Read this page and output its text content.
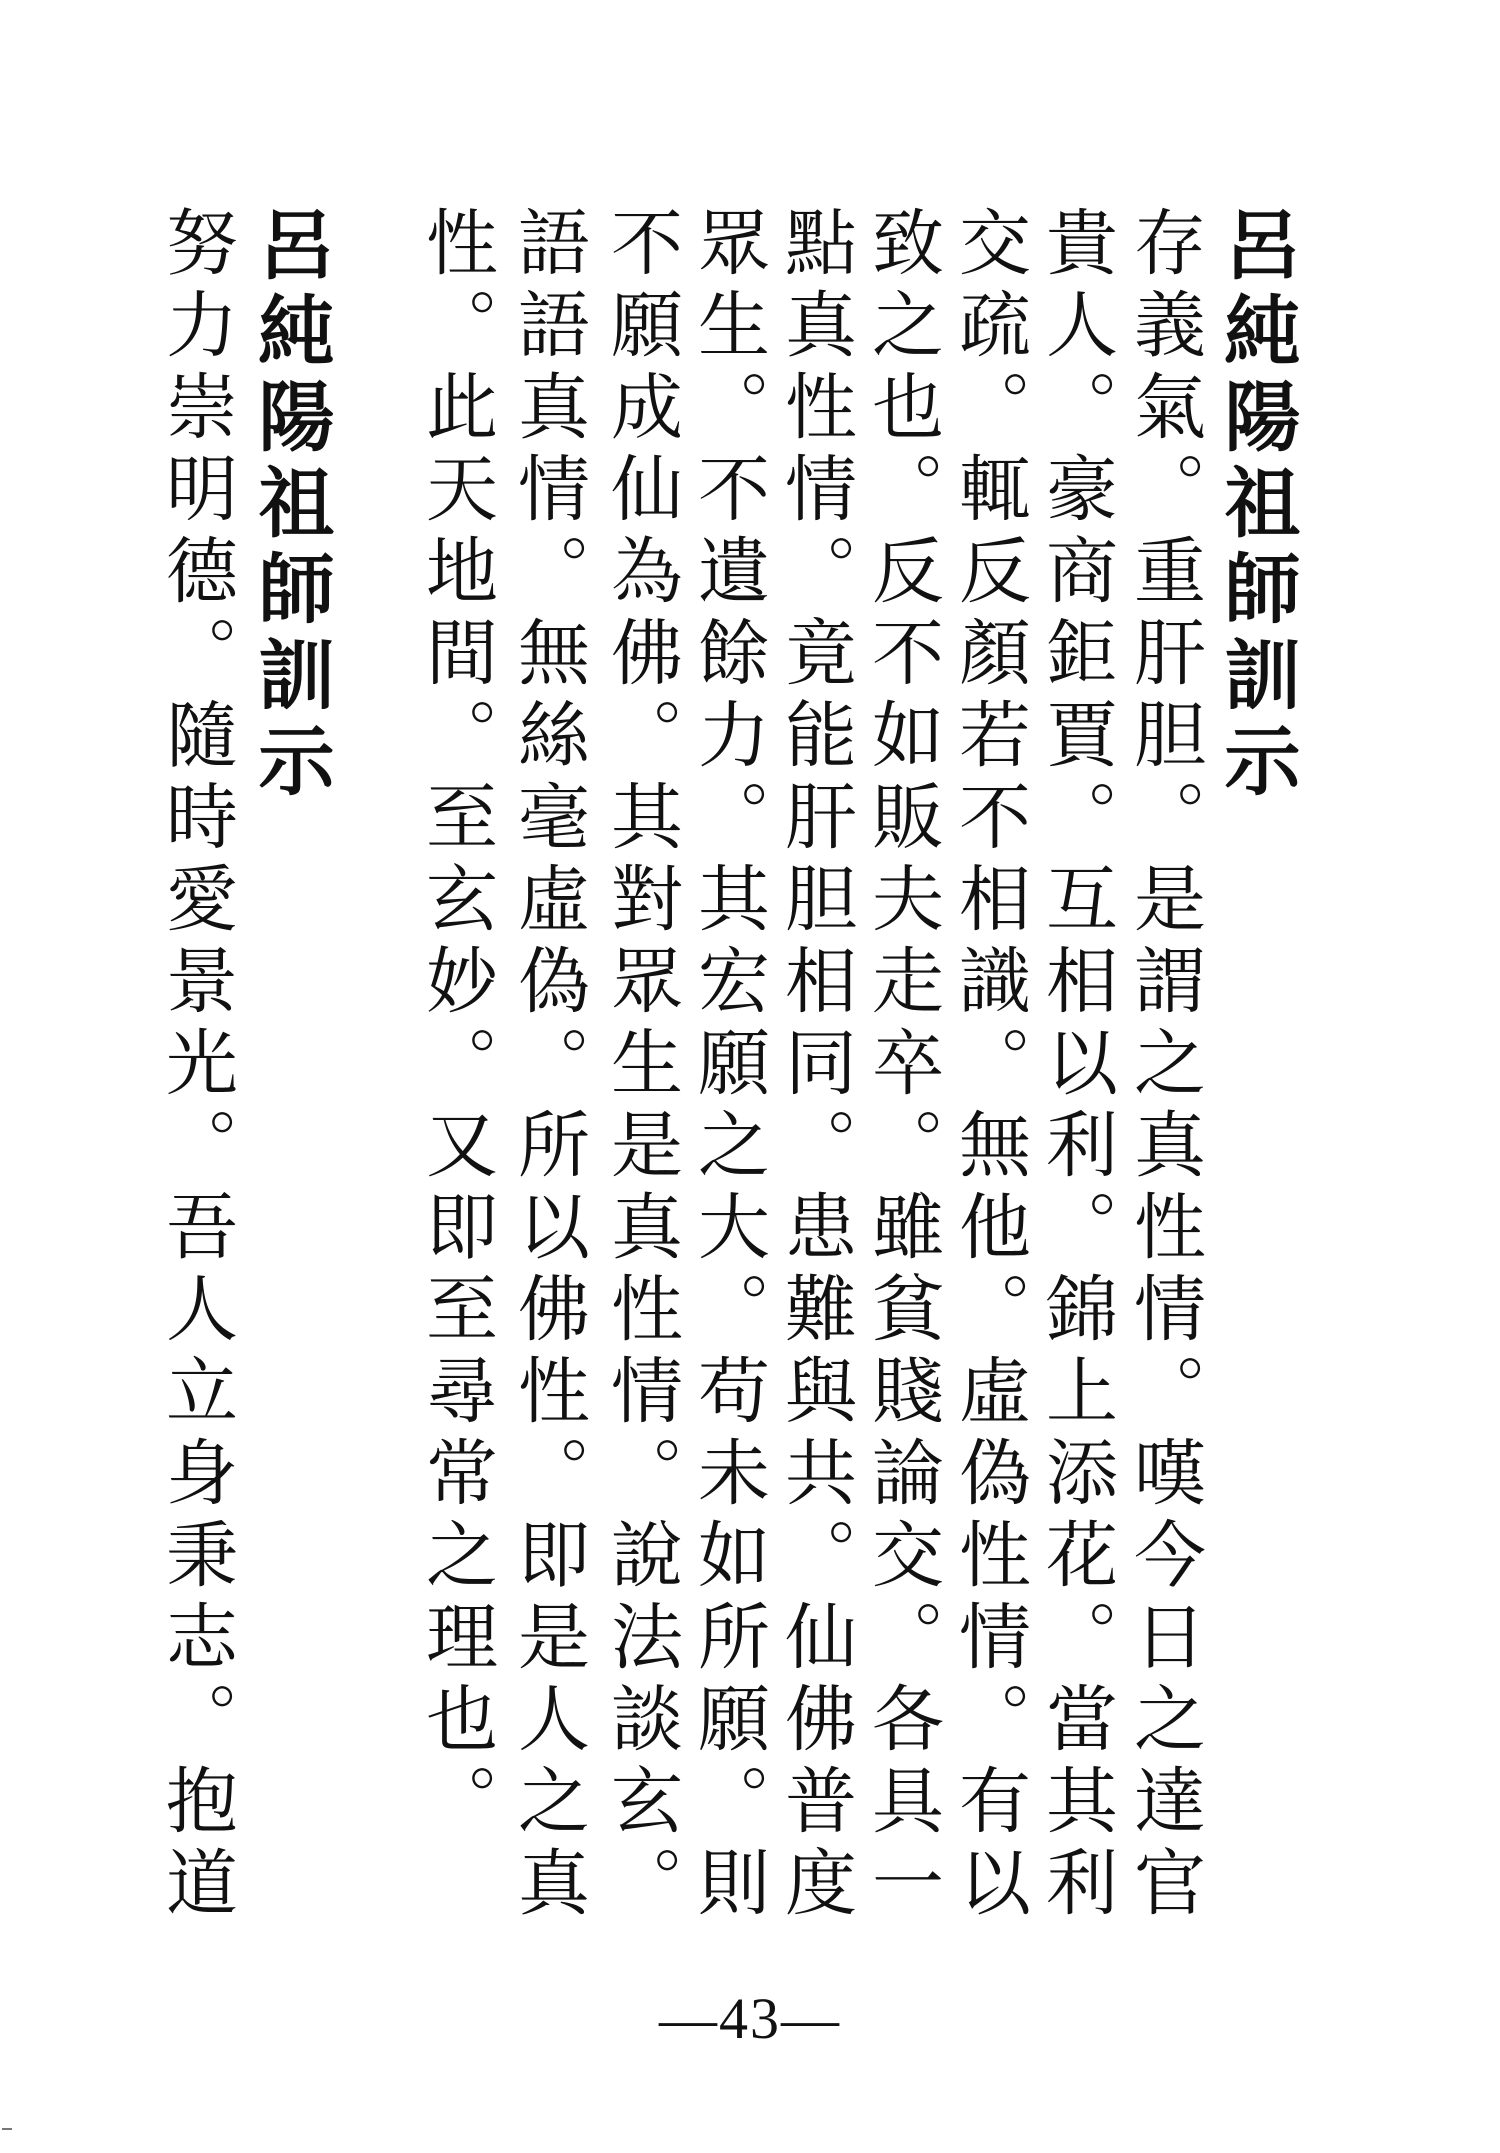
呂純陽祖師訓示
存義氣。重肝胆。是謂之真性情。嘆今日之達官
貴人。豪商鉅賈。互相以利。錦上添花。當其利
交疏。輒反顏若不相識。無他。虛偽性情。有以
致之也。反不如販夫走卒。雖貧賤論交。各具一
點真性情。竟能肝胆相同。患難與共。仙佛普度
眾生。不遺餘力。其宏願之大。苟未如所願。則
不願成仙為佛。其對眾生是真性情。說法談玄。
語語真情。無絲毫虛偽。所以佛性。即是人之真
性。此天地間。至玄妙。又即至尋常之理也。
呂純陽祖師訓示
努力崇明德。隨時愛景光。吾人立身秉志。抱道
—43—
